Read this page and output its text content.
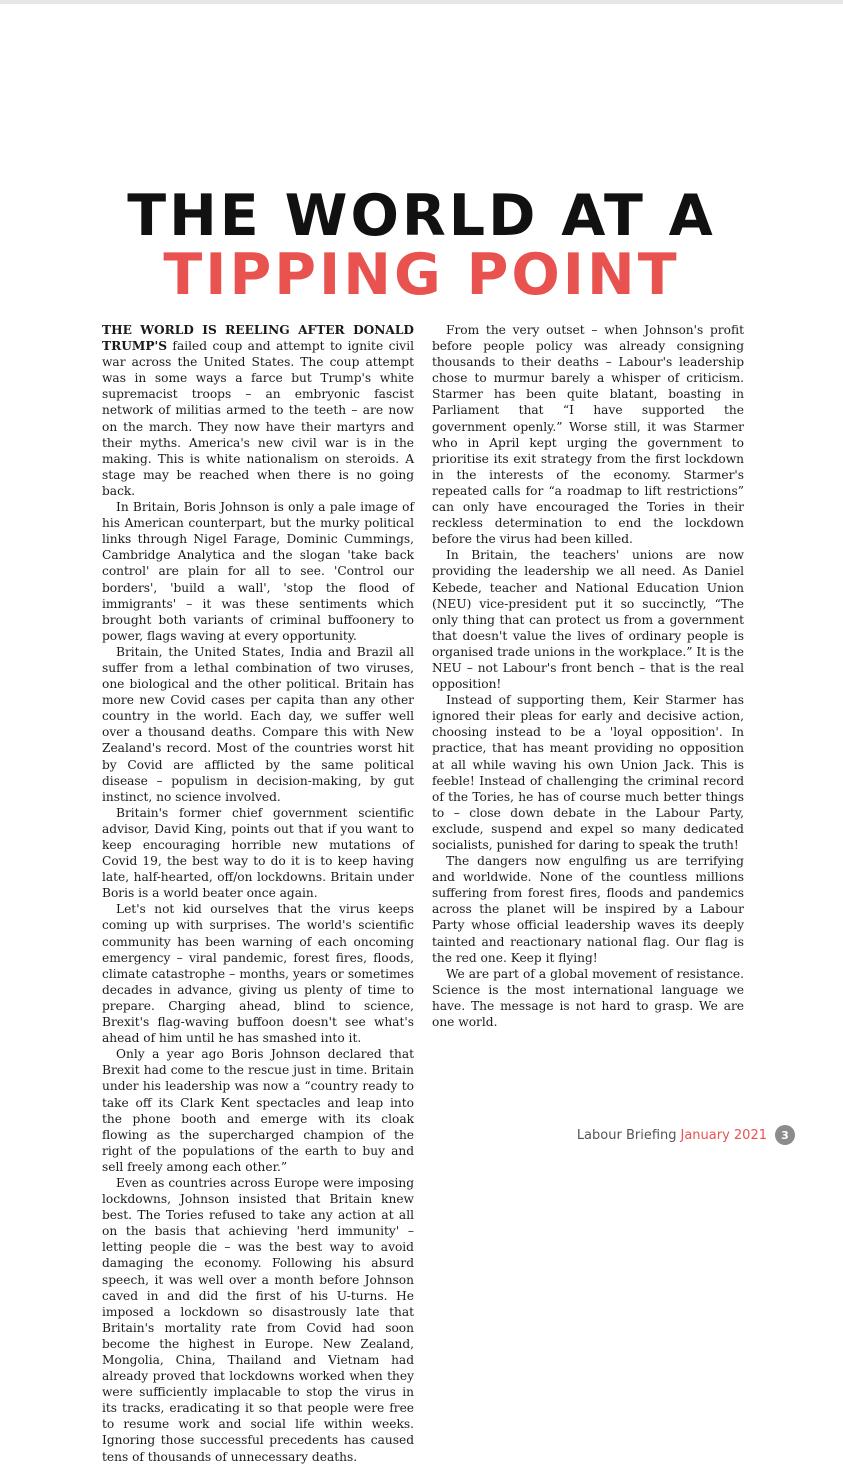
THE WORLD AT A
TIPPING POINT

THE WORLD IS REELING AFTER DONALD TRUMP'S failed coup and attempt to ignite civil war across the United States. The coup attempt was in some ways a farce but Trump's white supremacist troops – an embryonic fascist network of militias armed to the teeth – are now on the march. They now have their martyrs and their myths. America's new civil war is in the making. This is white nationalism on steroids. A stage may be reached when there is no going back.

In Britain, Boris Johnson is only a pale image of his American counterpart, but the murky political links through Nigel Farage, Dominic Cummings, Cambridge Analytica and the slogan 'take back control' are plain for all to see. 'Control our borders', 'build a wall', 'stop the flood of immigrants' – it was these sentiments which brought both variants of criminal buffoonery to power, flags waving at every opportunity.

Britain, the United States, India and Brazil all suffer from a lethal combination of two viruses, one biological and the other political. Britain has more new Covid cases per capita than any other country in the world. Each day, we suffer well over a thousand deaths. Compare this with New Zealand's record. Most of the countries worst hit by Covid are afflicted by the same political disease – populism in decision-making, by gut instinct, no science involved.

Britain's former chief government scientific advisor, David King, points out that if you want to keep encouraging horrible new mutations of Covid 19, the best way to do it is to keep having late, half-hearted, off/on lockdowns. Britain under Boris is a world beater once again.

Let's not kid ourselves that the virus keeps coming up with surprises. The world's scientific community has been warning of each oncoming emergency – viral pandemic, forest fires, floods, climate catastrophe – months, years or sometimes decades in advance, giving us plenty of time to prepare. Charging ahead, blind to science, Brexit's flag-waving buffoon doesn't see what's ahead of him until he has smashed into it.

Only a year ago Boris Johnson declared that Brexit had come to the rescue just in time. Britain under his leadership was now a “country ready to take off its Clark Kent spectacles and leap into the phone booth and emerge with its cloak flowing as the supercharged champion of the right of the populations of the earth to buy and sell freely among each other.”

Even as countries across Europe were imposing lockdowns, Johnson insisted that Britain knew best. The Tories refused to take any action at all on the basis that achieving 'herd immunity' – letting people die – was the best way to avoid damaging the economy. Following his absurd speech, it was well over a month before Johnson caved in and did the first of his U-turns. He imposed a lockdown so disastrously late that Britain's mortality rate from Covid had soon become the highest in Europe. New Zealand, Mongolia, China, Thailand and Vietnam had already proved that lockdowns worked when they were sufficiently implacable to stop the virus in its tracks, eradicating it so that people were free to resume work and social life within weeks. Ignoring those successful precedents has caused tens of thousands of unnecessary deaths.

From the very outset – when Johnson's profit before people policy was already consigning thousands to their deaths – Labour's leadership chose to murmur barely a whisper of criticism. Starmer has been quite blatant, boasting in Parliament that “I have supported the government openly.” Worse still, it was Starmer who in April kept urging the government to prioritise its exit strategy from the first lockdown in the interests of the economy. Starmer's repeated calls for “a roadmap to lift restrictions” can only have encouraged the Tories in their reckless determination to end the lockdown before the virus had been killed.

In Britain, the teachers' unions are now providing the leadership we all need. As Daniel Kebede, teacher and National Education Union (NEU) vice-president put it so succinctly, “The only thing that can protect us from a government that doesn't value the lives of ordinary people is organised trade unions in the workplace.” It is the NEU – not Labour's front bench – that is the real opposition!

Instead of supporting them, Keir Starmer has ignored their pleas for early and decisive action, choosing instead to be a 'loyal opposition'. In practice, that has meant providing no opposition at all while waving his own Union Jack. This is feeble! Instead of challenging the criminal record of the Tories, he has of course much better things to – close down debate in the Labour Party, exclude, suspend and expel so many dedicated socialists, punished for daring to speak the truth!

The dangers now engulfing us are terrifying and worldwide. None of the countless millions suffering from forest fires, floods and pandemics across the planet will be inspired by a Labour Party whose official leadership waves its deeply tainted and reactionary national flag. Our flag is the red one. Keep it flying!

We are part of a global movement of resistance. Science is the most international language we have. The message is not hard to grasp. We are one world.

Labour Briefing January 2021	3
